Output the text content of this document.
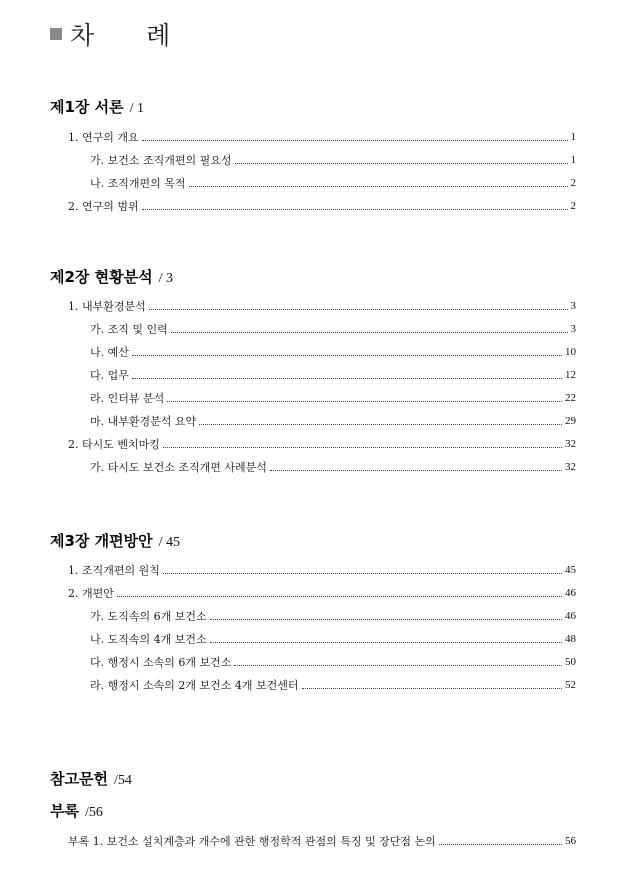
차 례
제1장 서론 / 1
1. 연구의 개요	1
가. 보건소 조직개편의 필요성	1
나. 조직개편의 목적	2
2. 연구의 범위	2
제2장 현황분석 / 3
1. 내부환경분석	3
가. 조직 및 인력	3
나. 예산	10
다. 업무	12
라. 인터뷰 분석	22
마. 내부환경분석 요약	29
2. 타시도 벤치마킹	32
가. 타시도 보건소 조직개편 사례분석	32
제3장 개편방안 / 45
1. 조직개편의 원칙	45
2. 개편안	46
가. 도직속의 6개 보건소	46
나. 도직속의 4개 보건소	48
다. 행정시 소속의 6개 보건소	50
라. 행정시 소속의 2개 보건소 4개 보건센터	52
참고문헌 /54
부록 /56
부록 1. 보건소 설치계층과 개수에 관한 행정학적 관점의 특징 및 장단점 논의	56
